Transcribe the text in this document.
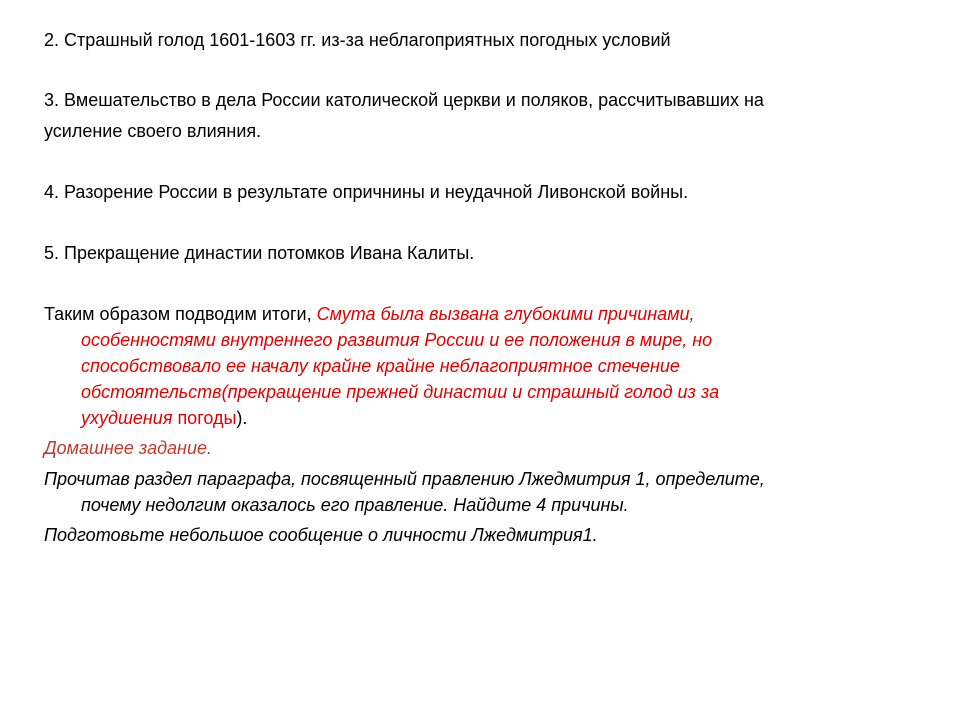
2. Страшный голод 1601-1603 гг. из-за неблагоприятных погодных условий
3. Вмешательство в дела России католической церкви и поляков, рассчитывавших на
усиление своего влияния.
4. Разорение России в результате опричнины и неудачной Ливонской войны.
5. Прекращение династии потомков Ивана Калиты.
Таким образом подводим итоги, Смута была вызвана глубокими причинами,
особенностями внутреннего развития России и ее положения в мире, но
способствовало ее началу крайне крайне неблагоприятное стечение
обстоятельств(прекращение прежней династии и страшный голод из за
ухудшения погоды).
Домашнее задание.
Прочитав раздел параграфа, посвященный правлению Лжедмитрия 1, определите,
почему недолгим оказалось его правление. Найдите 4 причины.
Подготовьте небольшое сообщение о личности Лжедмитрия1.
